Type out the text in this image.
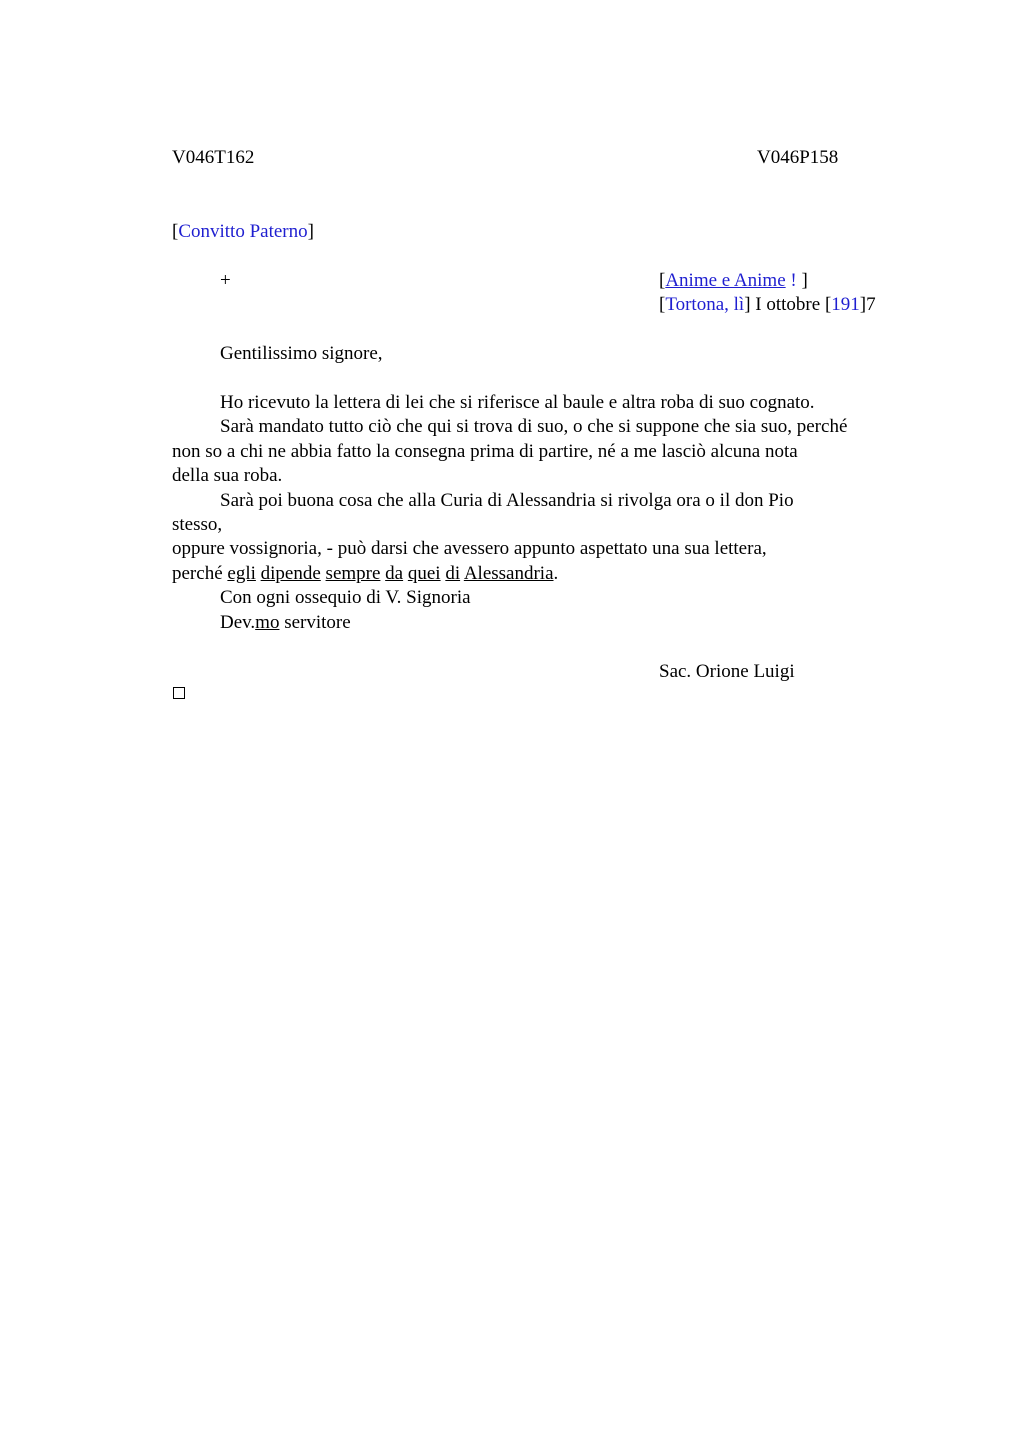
V046T162	V046P158
[Convitto Paterno]
+	[Anime e Anime ! ]
[Tortona, lì] I ottobre [191]7
Gentilissimo signore,
Ho ricevuto la lettera di lei che si riferisce al baule e altra roba di suo cognato.
Sarà mandato tutto ciò che qui si trova di suo, o che si suppone che sia suo, perché
non so a chi ne abbia fatto la consegna prima di partire, né a me lasciò alcuna nota
della sua roba.
Sarà poi buona cosa che alla Curia di Alessandria si rivolga ora o il don Pio
stesso,
oppure vossignoria, - può darsi che avessero appunto aspettato una sua lettera,
perché egli dipende sempre da quei di Alessandria.
Con ogni ossequio di V. Signoria
Dev.mo servitore
Sac. Orione Luigi
